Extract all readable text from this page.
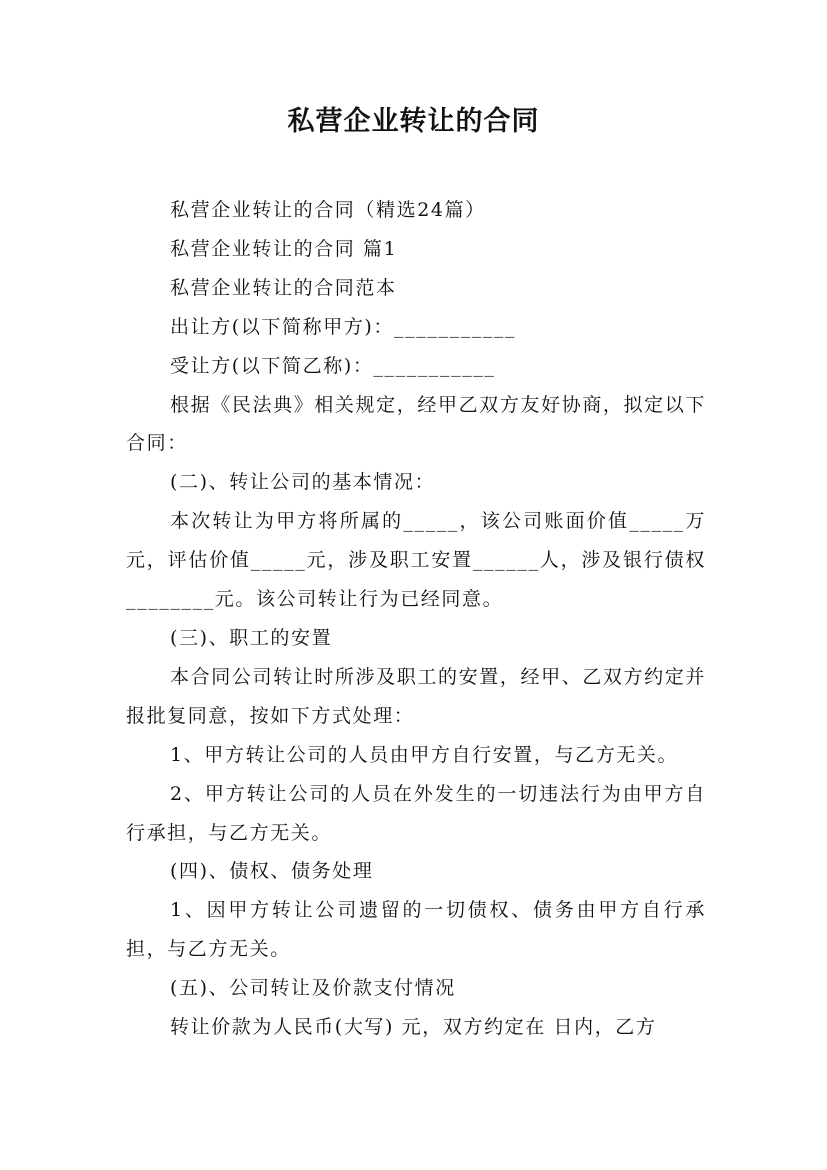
私营企业转让的合同

私营企业转让的合同（精选24篇）

私营企业转让的合同 篇1

私营企业转让的合同范本

出让方(以下简称甲方)：___________

受让方(以下简乙称)：___________

根据《民法典》相关规定，经甲乙双方友好协商，拟定以下合同：

(二)、转让公司的基本情况：

本次转让为甲方将所属的_____，该公司账面价值_____万元，评估价值_____元，涉及职工安置______人，涉及银行债权________元。该公司转让行为已经同意。

(三)、职工的安置

本合同公司转让时所涉及职工的安置，经甲、乙双方约定并报批复同意，按如下方式处理：

1、甲方转让公司的人员由甲方自行安置，与乙方无关。

2、甲方转让公司的人员在外发生的一切违法行为由甲方自行承担，与乙方无关。

(四)、债权、债务处理

1、因甲方转让公司遗留的一切债权、债务由甲方自行承担，与乙方无关。

(五)、公司转让及价款支付情况

转让价款为人民币(大写) 元，双方约定在 日内，乙方
